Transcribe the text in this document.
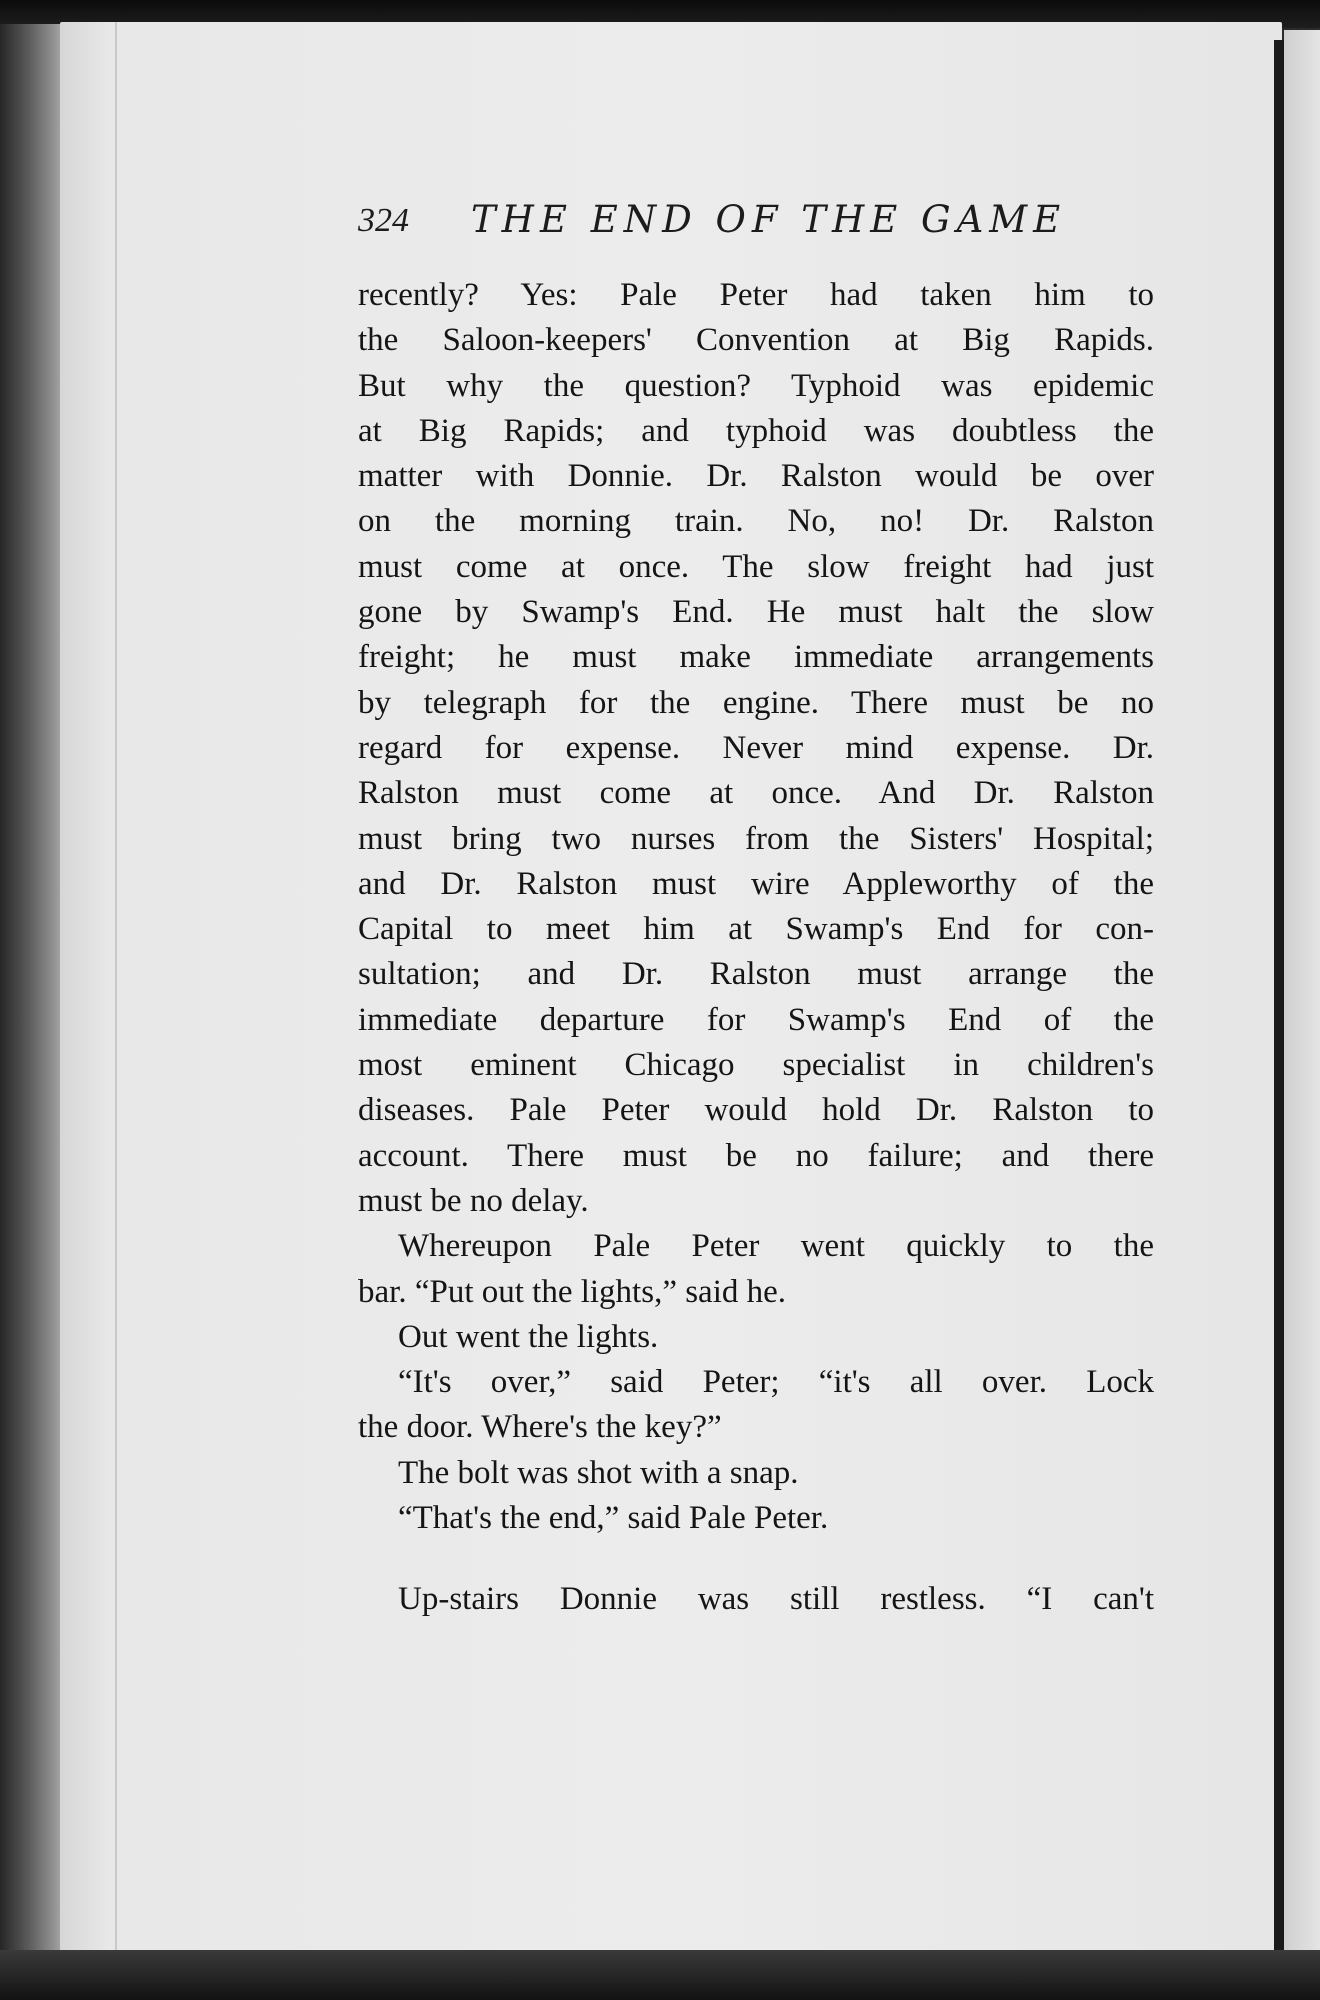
324 THE END OF THE GAME
recently? Yes: Pale Peter had taken him to
the Saloon-keepers' Convention at Big Rapids.
But why the question? Typhoid was epidemic
at Big Rapids; and typhoid was doubtless the
matter with Donnie. Dr. Ralston would be over
on the morning train. No, no! Dr. Ralston
must come at once. The slow freight had just
gone by Swamp's End. He must halt the slow
freight; he must make immediate arrangements
by telegraph for the engine. There must be no
regard for expense. Never mind expense. Dr.
Ralston must come at once. And Dr. Ralston
must bring two nurses from the Sisters' Hospital;
and Dr. Ralston must wire Appleworthy of the
Capital to meet him at Swamp's End for con-
sultation; and Dr. Ralston must arrange the
immediate departure for Swamp's End of the
most eminent Chicago specialist in children's
diseases. Pale Peter would hold Dr. Ralston to
account. There must be no failure; and there
must be no delay.
Whereupon Pale Peter went quickly to the
bar. “Put out the lights,” said he.
Out went the lights.
“It's over,” said Peter; “it's all over. Lock
the door. Where's the key?”
The bolt was shot with a snap.
“That's the end,” said Pale Peter.
Up-stairs Donnie was still restless. “I can't
